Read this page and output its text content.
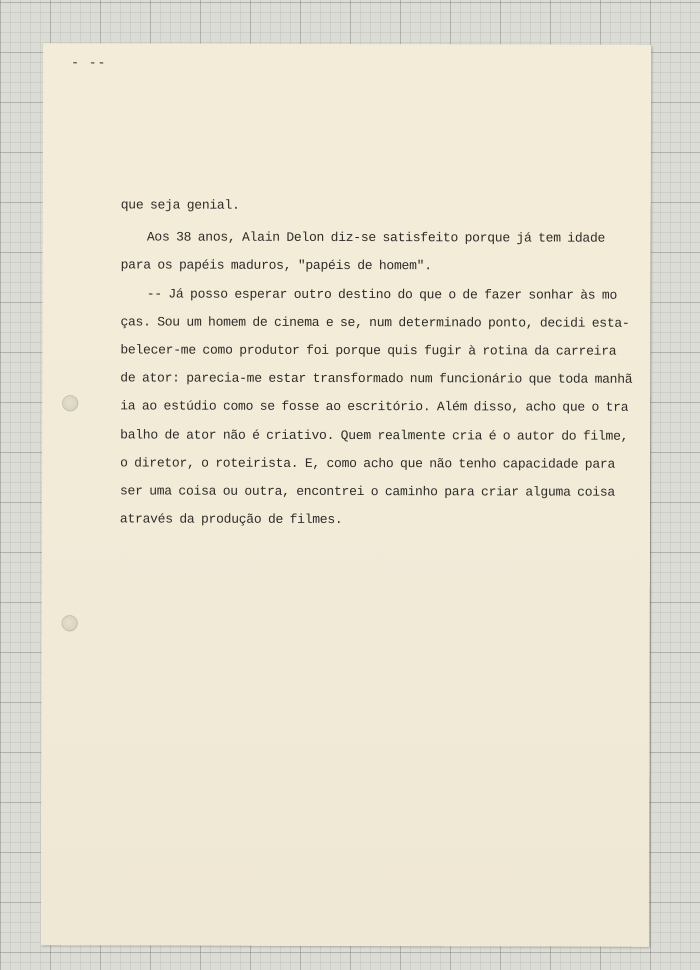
- --

que seja genial.

Aos 38 anos, Alain Delon diz-se satisfeito porque já tem idade

para os papéis maduros, "papéis de homem".

-- Já posso esperar outro destino do que o de fazer sonhar às mo

ças. Sou um homem de cinema e se, num determinado ponto, decidi esta-

belecer-me como produtor foi porque quis fugir à rotina da carreira

de ator: parecia-me estar transformado num funcionário que toda manhã

ia ao estúdio como se fosse ao escritório. Além disso, acho que o tra

balho de ator não é criativo. Quem realmente cria é o autor do filme,

o diretor, o roteirista. E, como acho que não tenho capacidade para

ser uma coisa ou outra, encontrei o caminho para criar alguma coisa

através da produção de filmes.
